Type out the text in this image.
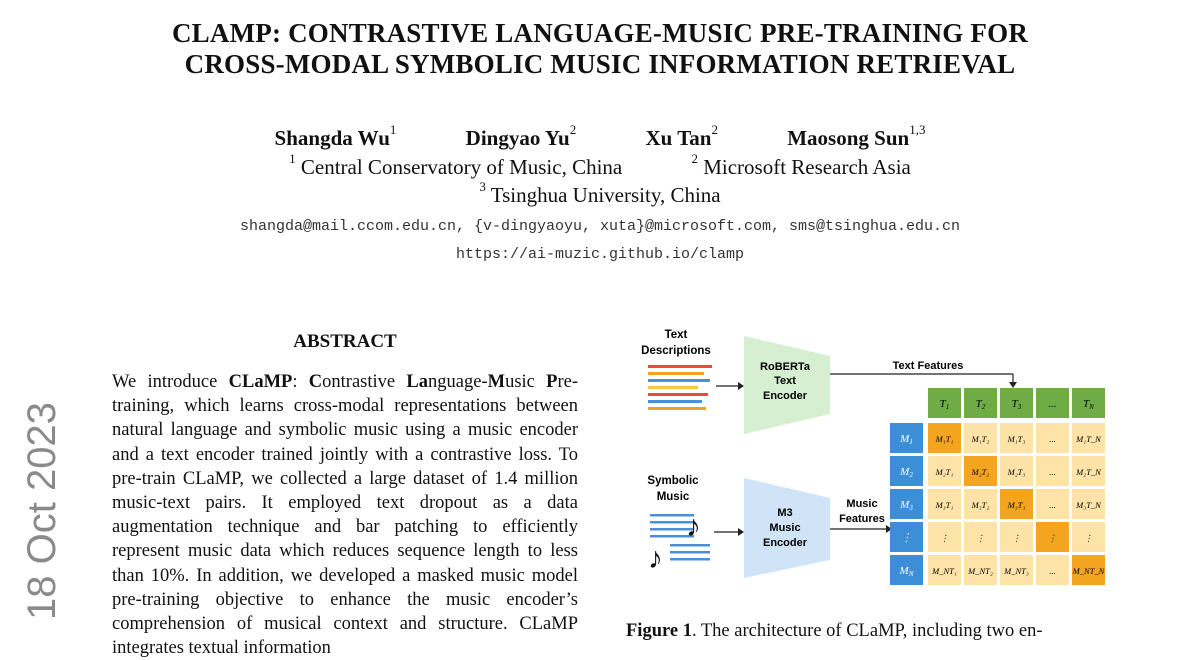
CLAMP: CONTRASTIVE LANGUAGE-MUSIC PRE-TRAINING FOR
CROSS-MODAL SYMBOLIC MUSIC INFORMATION RETRIEVAL
Shangda Wu$^1$	Dingyao Yu$^2$	Xu Tan$^2$	Maosong Sun$^{1,3}$
$^1$ Central Conservatory of Music, China	$^2$ Microsoft Research Asia
$^3$ Tsinghua University, China
shangda@mail.ccom.edu.cn, {v-dingyaoyu, xuta}@microsoft.com, sms@tsinghua.edu.cn
https://ai-muzic.github.io/clamp
18 Oct 2023
ABSTRACT

We introduce CLaMP: Contrastive Language-Music Pre-training, which learns cross-modal representations between natural language and symbolic music using a music encoder and a text encoder trained jointly with a contrastive loss. To pre-train CLaMP, we collected a large dataset of 1.4 million music-text pairs. It employed text dropout as a data augmentation technique and bar patching to efficiently represent music data which reduces sequence length to less than 10%. In addition, we developed a masked music model pre-training objective to enhance the music encoder’s comprehension of musical context and structure. CLaMP integrates textual information

Text
Descriptions
RoBERTa
Text
Encoder
Text Features
Symbolic
Music
♪
♪
M3
Music
Encoder
Music
Features
T1 T2 T3 ... TN
M1	M₁T₁ M₁T₂ M₁T₃	... M₁T_N
M2	M₂T₁ M₂T₂ M₂T₃	... M₂T_N
M3	M₃T₁ M₃T₂ M₃T₃	... M₃T_N
⋮	⋮	⋮	⋮	⋮	⋮
MN M_NT₁ M_NT₂ M_NT₃ ... M_NT_N
Figure 1. The architecture of CLaMP, including two en-
